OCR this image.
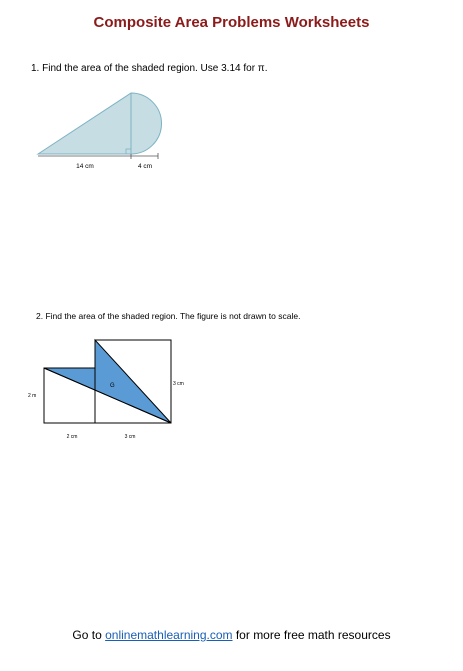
Composite Area Problems Worksheets
1. Find the area of the shaded region. Use 3.14 for π.
14 cm	4 cm
2. Find the area of the shaded region. The figure is not drawn to scale.
G
2 m
3 cm
2 cm	3 cm
Go to onlinemathlearning.com for more free math resources
